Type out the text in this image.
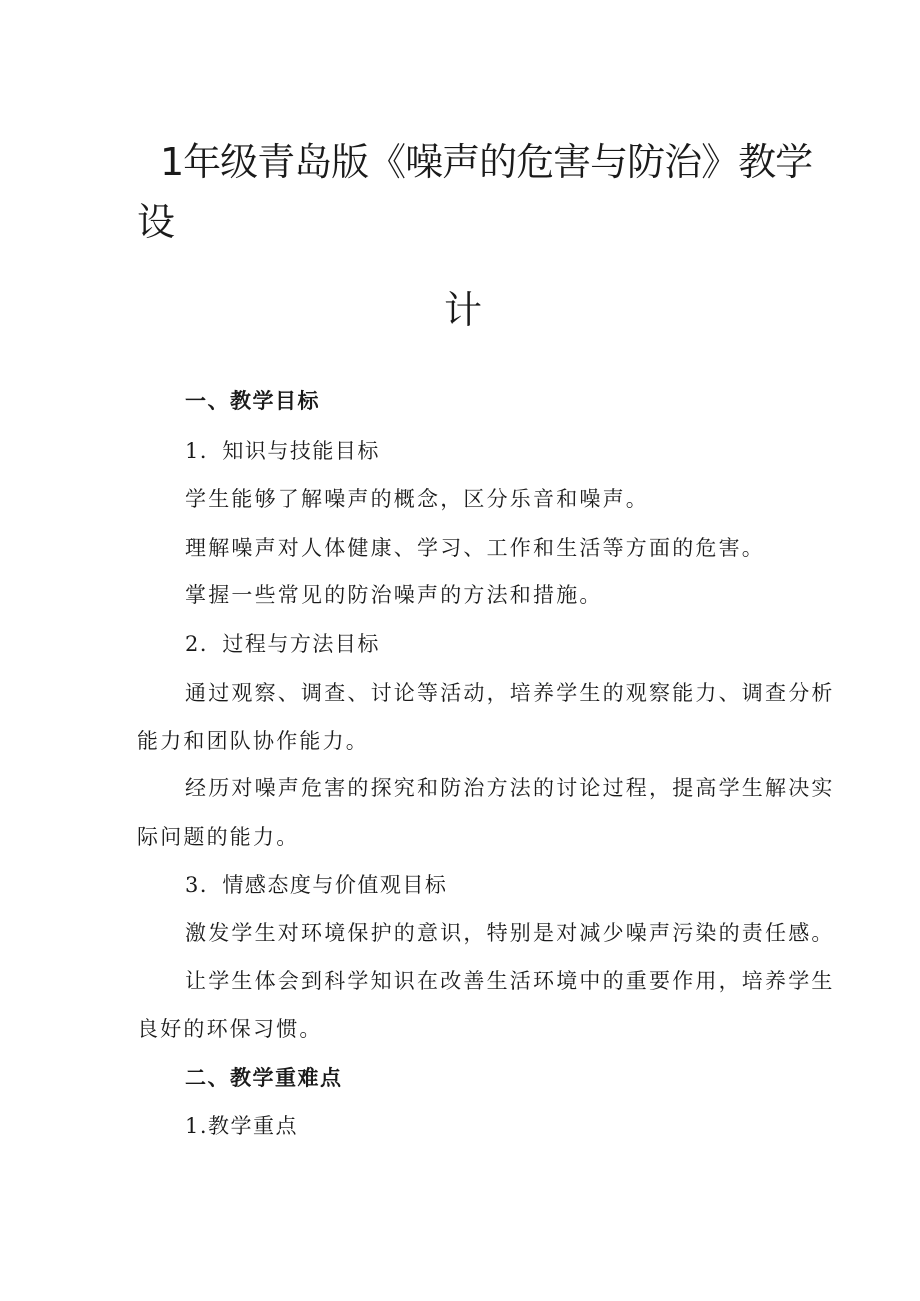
1年级青岛版《噪声的危害与防治》教学
设
计
一、教学目标
1．知识与技能目标
学生能够了解噪声的概念，区分乐音和噪声。
理解噪声对人体健康、学习、工作和生活等方面的危害。
掌握一些常见的防治噪声的方法和措施。
2．过程与方法目标
通过观察、调查、讨论等活动，培养学生的观察能力、调查分析
能力和团队协作能力。
经历对噪声危害的探究和防治方法的讨论过程，提高学生解决实
际问题的能力。
3．情感态度与价值观目标
激发学生对环境保护的意识，特别是对减少噪声污染的责任感。
让学生体会到科学知识在改善生活环境中的重要作用，培养学生
良好的环保习惯。
二、教学重难点
1.教学重点
